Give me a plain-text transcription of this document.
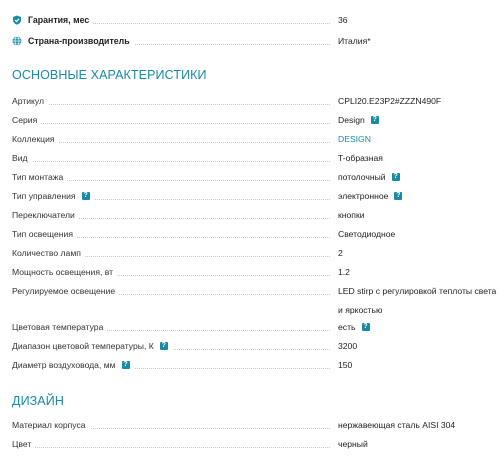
Гарантия, мес	36
Страна-производитель	Италия*
ОСНОВНЫЕ ХАРАКТЕРИСТИКИ
Артикул	CPLI20.E23P2#ZZZN490F
Серия	Design ?
Коллекция	DESIGN
Вид	T-образная
Тип монтажа	потолочный ?
Тип управления ?	электронное ?
Переключатели	кнопки
Тип освещения	Светодиодное
Количество ламп	2
Мощность освещения, вт	1.2
Регулируемое освещение	LED stirp с регулировкой теплоты света
и яркостью
Цветовая температура	есть ?
Диапазон цветовой температуры, К ?	3200
Диаметр воздуховода, мм ?	150
ДИЗАЙН
Материал корпуса	нержавеющая сталь AISI 304
Цвет	черный
